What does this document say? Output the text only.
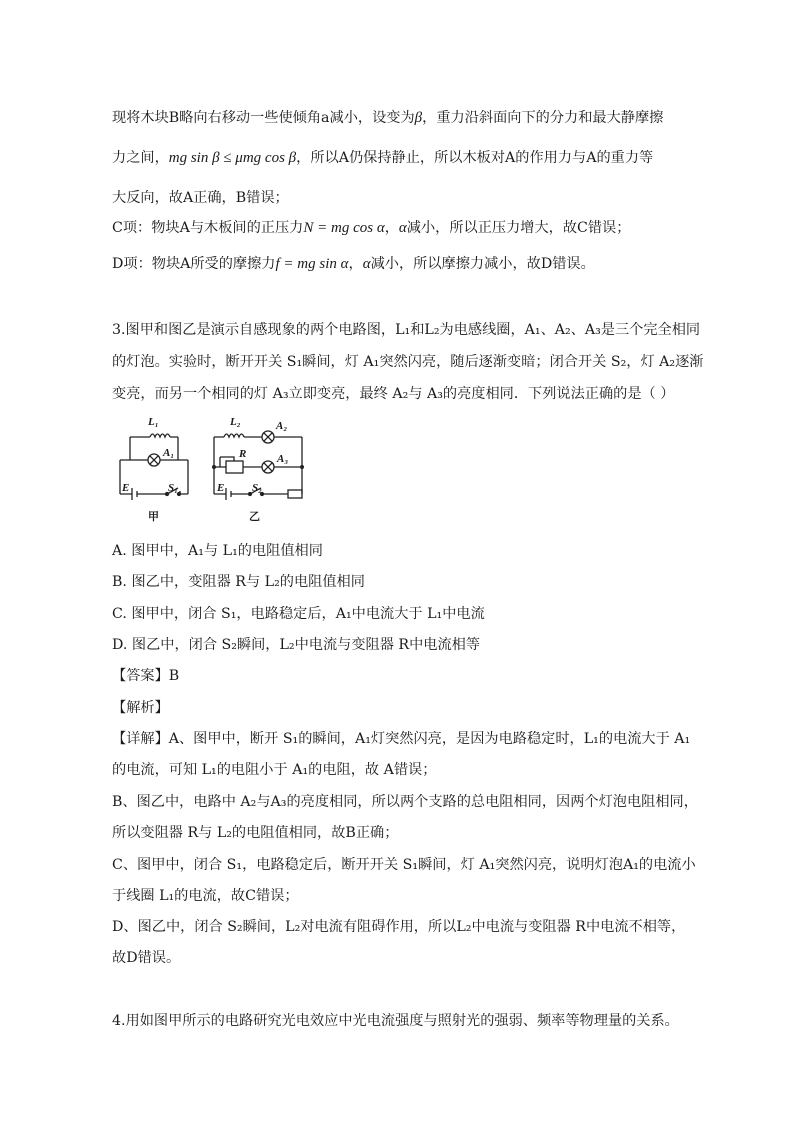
现将木块B略向右移动一些使倾角a减小，设变为β，重力沿斜面向下的分力和最大静摩擦
力之间，mg sin β ≤ μmg cos β，所以A仍保持静止，所以木板对A的作用力与A的重力等
大反向，故A正确，B错误；
C项：物块A与木板间的正压力N = mg cos α，α减小，所以正压力增大，故C错误；
D项：物块A所受的摩擦力f = mg sin α，α减小，所以摩擦力减小，故D错误。
3.图甲和图乙是演示自感现象的两个电路图，L₁和L₂为电感线圈，A₁、A₂、A₃是三个完全相同
的灯泡。实验时，断开开关 S₁瞬间，灯 A₁突然闪亮，随后逐渐变暗；闭合开关 S₂，灯 A₂逐渐
变亮，而另一个相同的灯 A₃立即变亮，最终 A₂与 A₃的亮度相同．下列说法正确的是（ ）
L₁
A₁
E	S₁
L₂	A₂
R	A₃
E	S₂
甲	乙
A. 图甲中，A₁与 L₁的电阻值相同
B. 图乙中，变阻器 R与 L₂的电阻值相同
C. 图甲中，闭合 S₁，电路稳定后，A₁中电流大于 L₁中电流
D. 图乙中，闭合 S₂瞬间，L₂中电流与变阻器 R中电流相等
【答案】B
【解析】
【详解】A、图甲中，断开 S₁的瞬间，A₁灯突然闪亮，是因为电路稳定时，L₁的电流大于 A₁
的电流，可知 L₁的电阻小于 A₁的电阻，故 A错误；
B、图乙中，电路中 A₂与A₃的亮度相同，所以两个支路的总电阻相同，因两个灯泡电阻相同，
所以变阻器 R与 L₂的电阻值相同，故B正确；
C、图甲中，闭合 S₁，电路稳定后，断开开关 S₁瞬间，灯 A₁突然闪亮，说明灯泡A₁的电流小
于线圈 L₁的电流，故C错误；
D、图乙中，闭合 S₂瞬间，L₂对电流有阻碍作用，所以L₂中电流与变阻器 R中电流不相等，
故D错误。
4.用如图甲所示的电路研究光电效应中光电流强度与照射光的强弱、频率等物理量的关系。
